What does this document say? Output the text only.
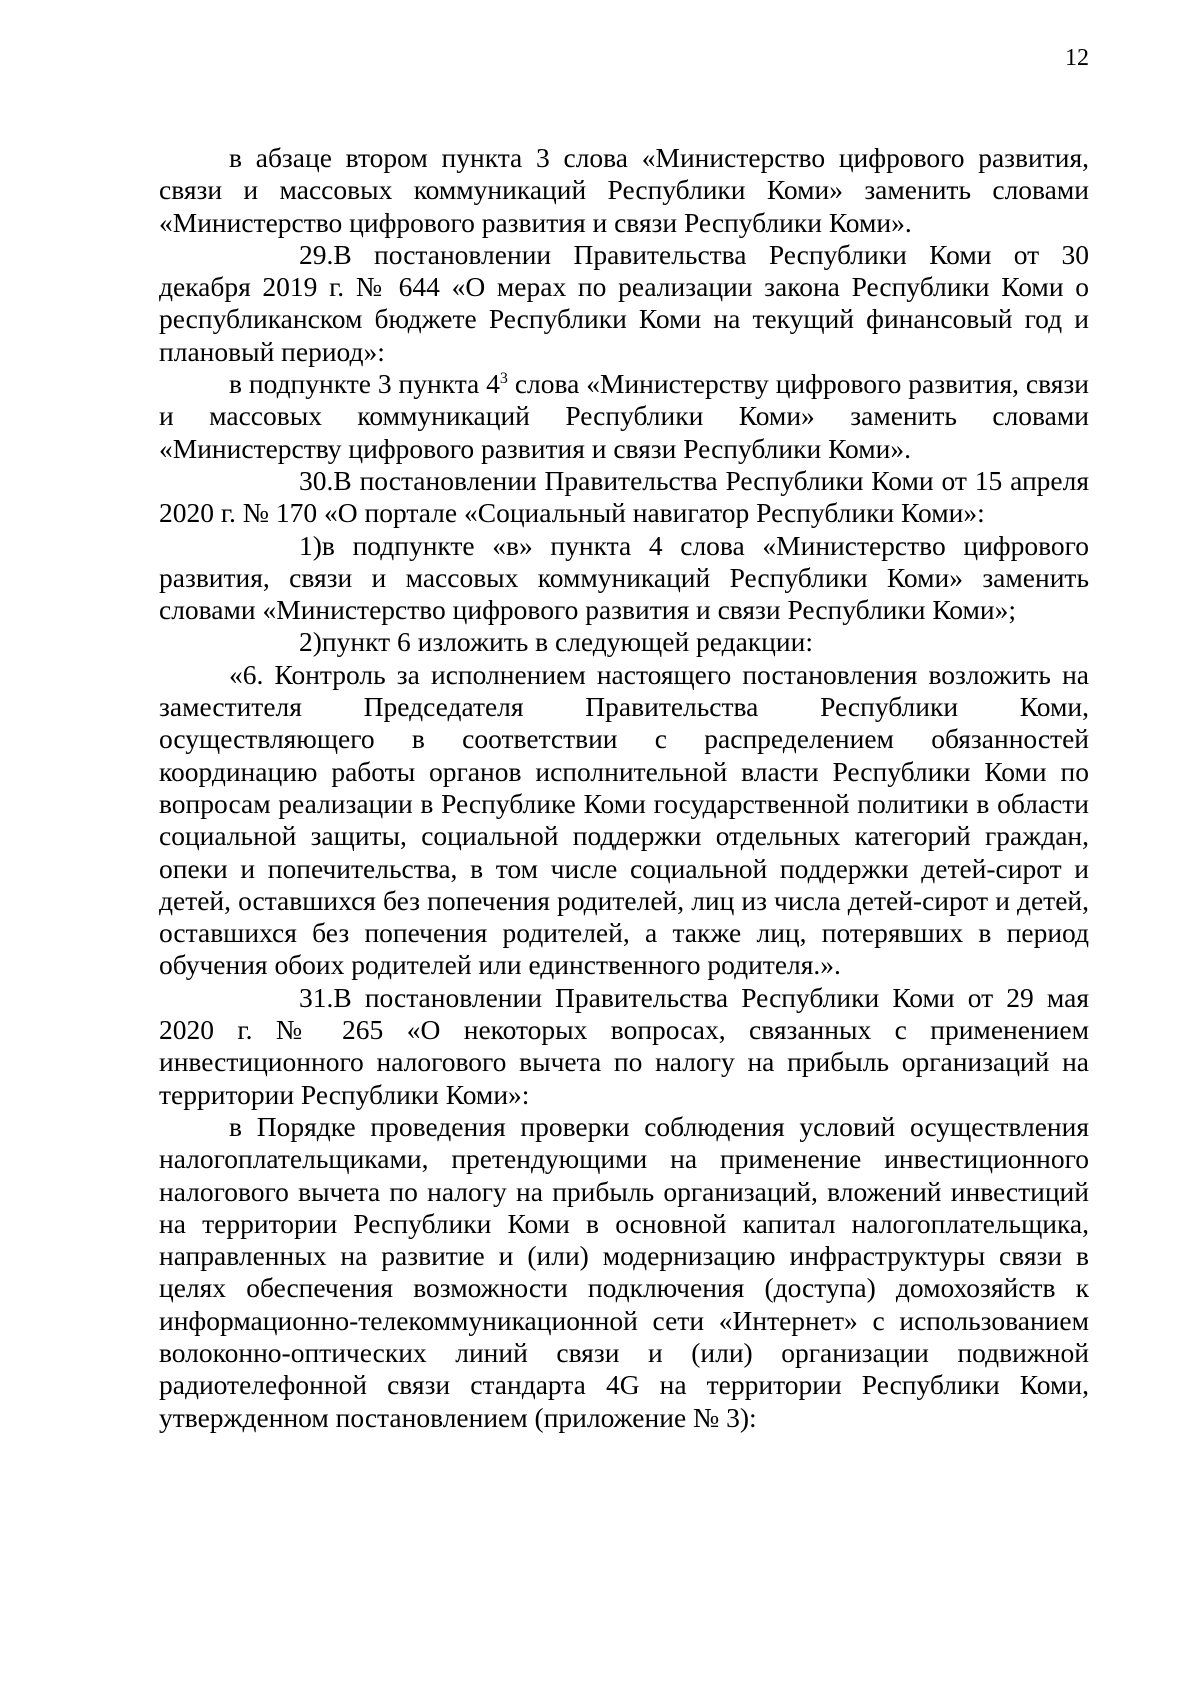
12

в абзаце втором пункта 3 слова «Министерство цифрового развития, связи и массовых коммуникаций Республики Коми» заменить словами «Министерство цифрового развития и связи Республики Коми».

29.В постановлении Правительства Республики Коми от 30 декабря 2019 г. № 644 «О мерах по реализации закона Республики Коми о республиканском бюджете Республики Коми на текущий финансовый год и плановый период»:

в подпункте 3 пункта $4^3$ слова «Министерству цифрового развития, связи и массовых коммуникаций Республики Коми» заменить словами «Министерству цифрового развития и связи Республики Коми».

30.В постановлении Правительства Республики Коми от 15 апреля 2020 г. № 170 «О портале «Социальный навигатор Республики Коми»:

1)в подпункте «в» пункта 4 слова «Министерство цифрового развития, связи и массовых коммуникаций Республики Коми» заменить словами «Министерство цифрового развития и связи Республики Коми»;

2)пункт 6 изложить в следующей редакции:

«6. Контроль за исполнением настоящего постановления возложить на заместителя Председателя Правительства Республики Коми, осуществляющего в соответствии с распределением обязанностей координацию работы органов исполнительной власти Республики Коми по вопросам реализации в Республике Коми государственной политики в области социальной защиты, социальной поддержки отдельных категорий граждан, опеки и попечительства, в том числе социальной поддержки детей-сирот и детей, оставшихся без попечения родителей, лиц из числа детей-сирот и детей, оставшихся без попечения родителей, а также лиц, потерявших в период обучения обоих родителей или единственного родителя.».

31.В постановлении Правительства Республики Коми от 29 мая 2020 г. № 265 «О некоторых вопросах, связанных с применением инвестиционного налогового вычета по налогу на прибыль организаций на территории Республики Коми»:

в Порядке проведения проверки соблюдения условий осуществления налогоплательщиками, претендующими на применение инвестиционного налогового вычета по налогу на прибыль организаций, вложений инвестиций на территории Республики Коми в основной капитал налогоплательщика, направленных на развитие и (или) модернизацию инфраструктуры связи в целях обеспечения возможности подключения (доступа) домохозяйств к информационно-телекоммуникационной сети «Интернет» с использованием волоконно-оптических линий связи и (или) организации подвижной радиотелефонной связи стандарта 4G на территории Республики Коми, утвержденном постановлением (приложение № 3):
